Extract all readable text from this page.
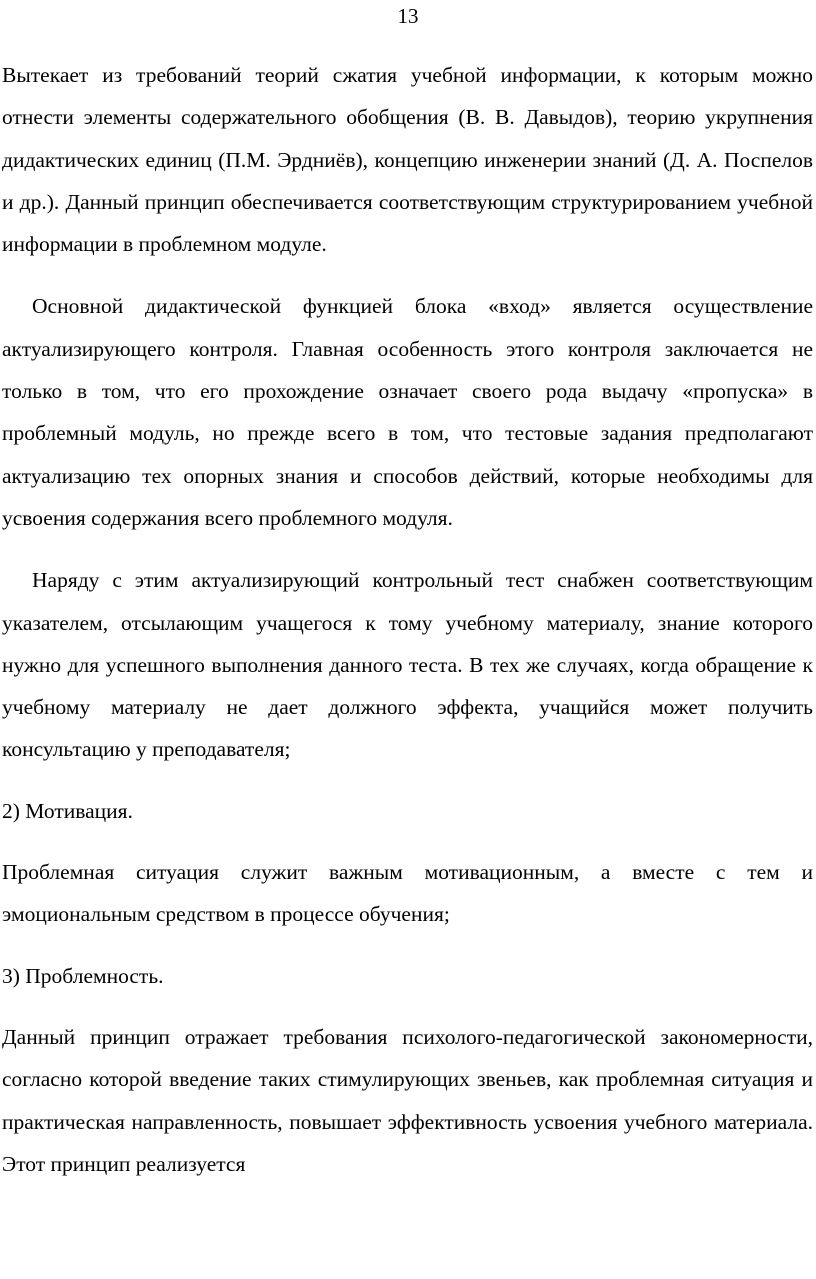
13

Вытекает из требований теорий сжатия учебной информации, к которым можно отнести элементы содержательного обобщения (В. В. Давыдов), теорию укрупнения дидактических единиц (П.М. Эрдниёв), концепцию инженерии знаний (Д. А. Поспелов и др.). Данный принцип обеспечивается соответствующим структурированием учебной информации в проблемном модуле.

Основной дидактической функцией блока «вход» является осуществление актуализирующего контроля. Главная особенность этого контроля заключается не только в том, что его прохождение означает своего рода выдачу «пропуска» в проблемный модуль, но прежде всего в том, что тестовые задания предполагают актуализацию тех опорных знания и способов действий, которые необходимы для усвоения содержания всего проблемного модуля.

Наряду с этим актуализирующий контрольный тест снабжен соответствующим указателем, отсылающим учащегося к тому учебному материалу, знание которого нужно для успешного выполнения данного теста. В тех же случаях, когда обращение к учебному материалу не дает должного эффекта, учащийся может получить консультацию у преподавателя;

2) Мотивация.

Проблемная ситуация служит важным мотивационным, а вместе с тем и эмоциональным средством в процессе обучения;

3) Проблемность.

Данный принцип отражает требования психолого-педагогической закономерности, согласно которой введение таких стимулирующих звеньев, как проблемная ситуация и практическая направленность, повышает эффективность усвоения учебного материала. Этот принцип реализуется
